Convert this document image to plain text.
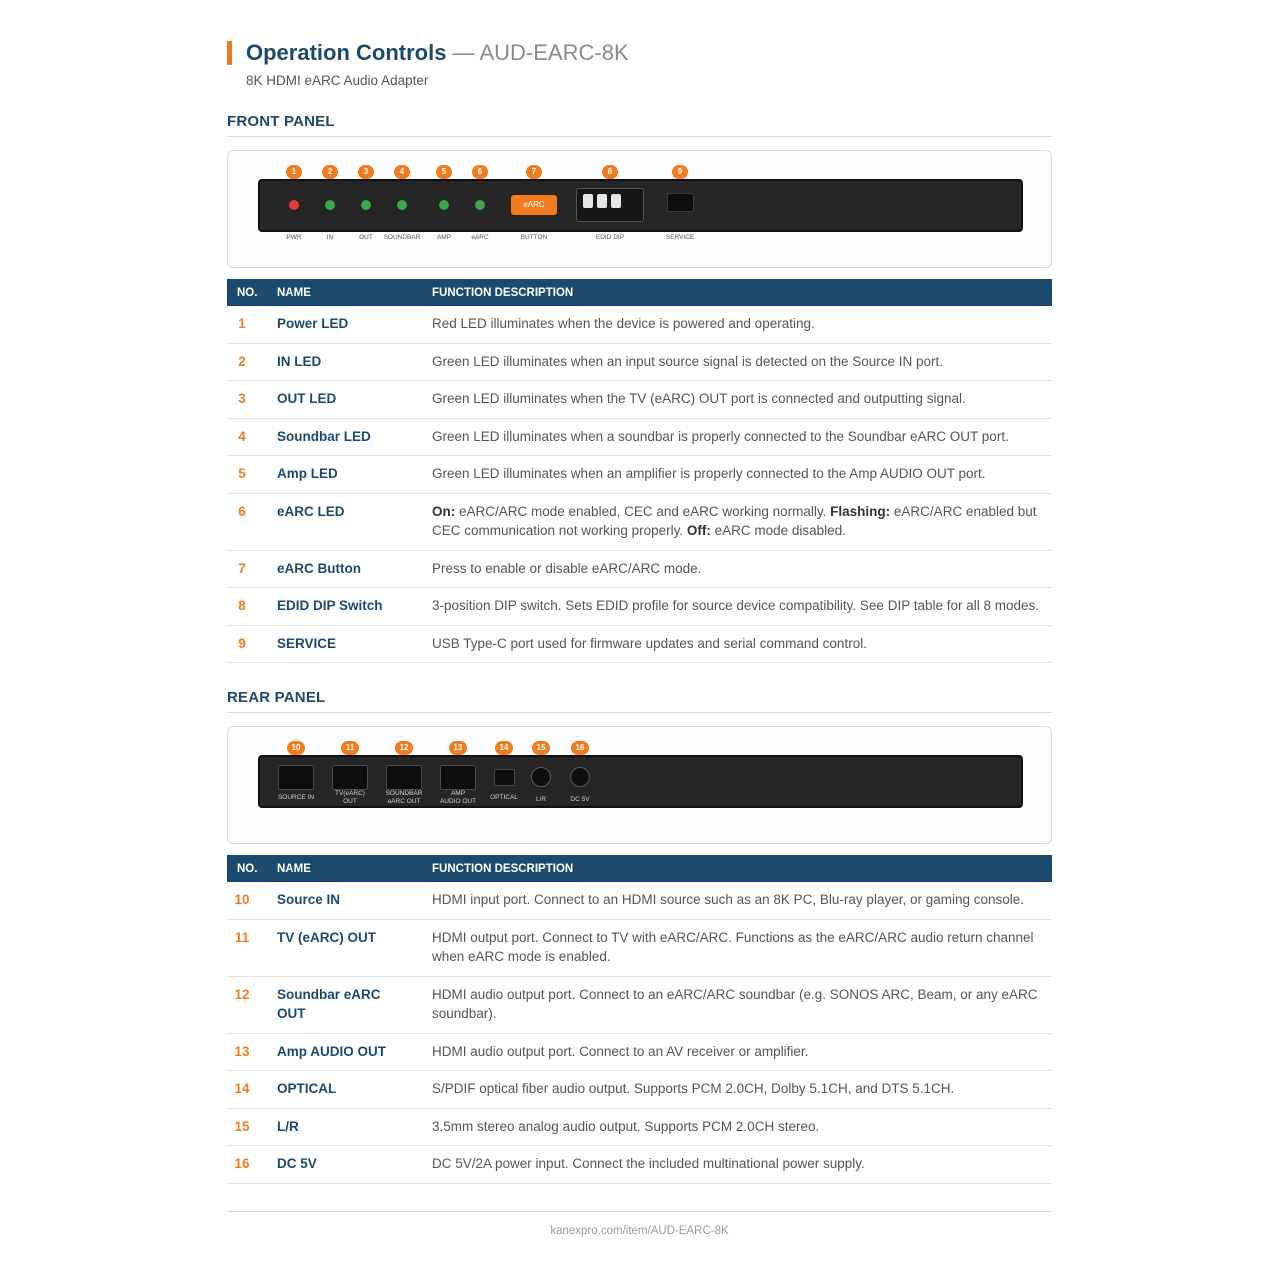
Operation Controls — AUD-EARC-8K
8K HDMI eARC Audio Adapter
FRONT PANEL
1	2	3	4	5	6	7	8	9
eARC
PWR	IN	OUT	SOUNDBAR	AMP	eARC	BUTTON	EDID DIP	SERVICE
NO.	NAME	FUNCTION DESCRIPTION
1	Power LED	Red LED illuminates when the device is powered and operating.
2	IN LED	Green LED illuminates when an input source signal is detected on the Source IN port.
3	OUT LED	Green LED illuminates when the TV (eARC) OUT port is connected and outputting signal.
4	Soundbar LED	Green LED illuminates when a soundbar is properly connected to the Soundbar eARC OUT port.
5	Amp LED	Green LED illuminates when an amplifier is properly connected to the Amp AUDIO OUT port.
6	eARC LED	On: eARC/ARC mode enabled, CEC and eARC working normally. Flashing: eARC/ARC enabled but CEC communication not working properly. Off: eARC mode disabled.
7	eARC Button	Press to enable or disable eARC/ARC mode.
8	EDID DIP Switch	3-position DIP switch. Sets EDID profile for source device compatibility. See DIP table for all 8 modes.
9	SERVICE	USB Type-C port used for firmware updates and serial command control.
REAR PANEL
10	11	12	13	14	15	16
SOURCE IN
TV(eARC)
OUT
SOUNDBAR
eARC OUT
AMP
AUDIO OUT
OPTICAL	L/R	DC 5V
NO.	NAME	FUNCTION DESCRIPTION
10	Source IN	HDMI input port. Connect to an HDMI source such as an 8K PC, Blu-ray player, or gaming console.
11	TV (eARC) OUT	HDMI output port. Connect to TV with eARC/ARC. Functions as the eARC/ARC audio return channel when eARC mode is enabled.
12	Soundbar eARC OUT	HDMI audio output port. Connect to an eARC/ARC soundbar (e.g. SONOS ARC, Beam, or any eARC soundbar).
13	Amp AUDIO OUT	HDMI audio output port. Connect to an AV receiver or amplifier.
14	OPTICAL	S/PDIF optical fiber audio output. Supports PCM 2.0CH, Dolby 5.1CH, and DTS 5.1CH.
15	L/R	3.5mm stereo analog audio output. Supports PCM 2.0CH stereo.
16	DC 5V	DC 5V/2A power input. Connect the included multinational power supply.
kanexpro.com/item/AUD-EARC-8K
